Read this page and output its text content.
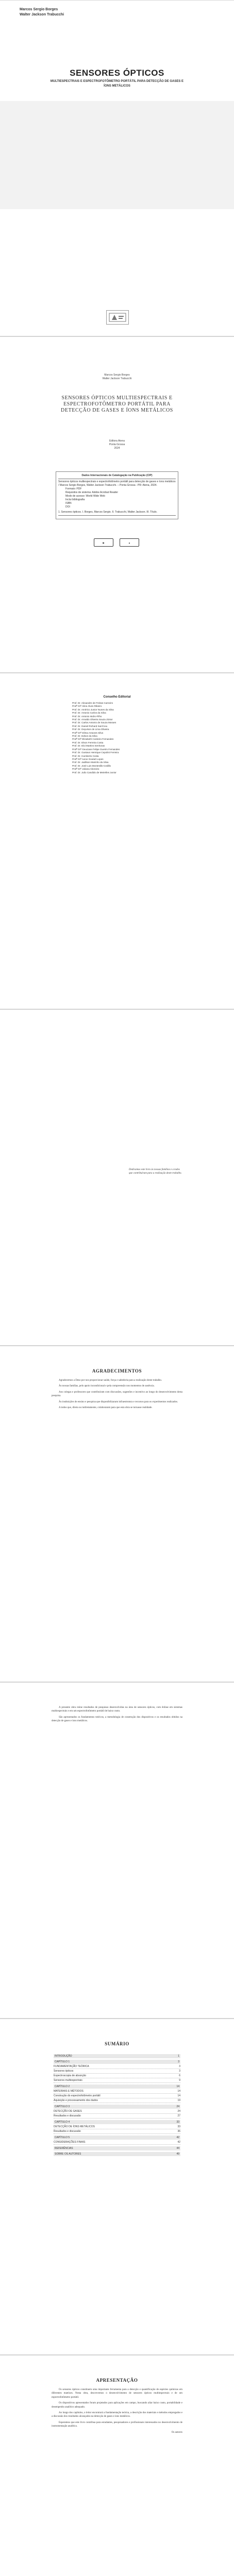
Marcos Sergio Borges
Walter Jackson Trabucchi
SENSORES ÓPTICOS
MULTIESPECTRAIS E ESPECTROFOTÔMETRO PORTÁTIL PARA DETECÇÃO DE GASES E ÍONS METÁLICOS
Marcos Sergio Borges
Walter Jackson Trabucchi
SENSORES ÓPTICOS MULTIESPECTRAIS E ESPECTROFOTÔMETRO PORTÁTIL PARA DETECÇÃO DE GASES E ÍONS METÁLICOS
Editora Atena
Ponta Grossa
2024
Dados Internacionais de Catalogação na Publicação (CIP)
Sensores ópticos multiespectrais e espectrofotômetro portátil para detecção de gases e íons metálicos / Marcos Sergio Borges, Walter Jackson Trabucchi. – Ponta Grossa - PR: Atena, 2024.
Formato: PDF
Requisitos de sistema: Adobe Acrobat Reader
Modo de acesso: World Wide Web
Inclui bibliografia
ISBN
DOI
1. Sensores ópticos. I. Borges, Marcos Sergio. II. Trabucchi, Walter Jackson. III. Título.
▶	▲
Conselho Editorial
Prof. Dr. Alexandre de Freitas Carneiro
Profª Drª Aline Alves Ribeiro
Prof. Dr. Américo Junior Nunes da Silva
Prof. Dr. Antonio Carlos da Silva
Prof. Dr. Antonio Isidro-Filho
Prof. Dr. Arnaldo Oliveira Souza Júnior
Prof. Dr. Carlos Antonio de Souza Moraes
Prof. Dr. Daniel Richard Sant'Ana
Prof. Dr. Deyvison de Lima Oliveira
Profª Drª Dilma Antunes Silva
Prof. Dr. Edson da Silva
Profª Drª Elizabeth Cordeiro Fernandes
Prof. Dr. Elson Ferreira Costa
Prof. Dr. Eloi Martins Senhoras
Profª Drª Geuciane Felipe Guerim Fernandes
Prof. Dr. Gustavo Henrique Cepolini Ferreira
Prof. Dr. Humberto Costa
Profª Drª Ivone Goulart Lopes
Prof. Dr. Jadilson Marinho da Silva
Prof. Dr. José Luis Montesillo-Cedillo
Profª Drª Juliana Abonizio
Prof. Dr. Julio Candido de Meirelles Junior
Dedicamos este livro às nossas famílias e a todos que contribuíram para a realização deste trabalho.
AGRADECIMENTOS

Agradecemos a Deus por nos proporcionar saúde, força e sabedoria para a realização deste trabalho.

Às nossas famílias, pelo apoio incondicional e pela compreensão nos momentos de ausência.

Aos colegas e professores que contribuíram com discussões, sugestões e incentivo ao longo do desenvolvimento desta pesquisa.

Às instituições de ensino e pesquisa que disponibilizaram infraestrutura e recursos para os experimentos realizados.

A todos que, direta ou indiretamente, colaboraram para que esta obra se tornasse realidade.

A presente obra reúne resultados de pesquisas desenvolvidas na área de sensores ópticos, com ênfase em sistemas multiespectrais e em um espectrofotômetro portátil de baixo custo.

São apresentados os fundamentos teóricos, a metodologia de construção dos dispositivos e os resultados obtidos na detecção de gases e íons metálicos.

SUMÁRIO
INTRODUÇÃO	1
CAPÍTULO 1	3
FUNDAMENTAÇÃO TEÓRICA	3
Sensores ópticos	3
Espectroscopia de absorção	6
Sensores multiespectrais	9
CAPÍTULO 2	14
MATERIAIS E MÉTODOS	14
Construção do espectrofotômetro portátil	14
Aquisição e processamento dos dados	19
CAPÍTULO 3	24
DETECÇÃO DE GASES	24
Resultados e discussão	27
CAPÍTULO 4	33
DETECÇÃO DE ÍONS METÁLICOS	33
Resultados e discussão	36
CAPÍTULO 5	42
CONSIDERAÇÕES FINAIS	42
REFERÊNCIAS	44
SOBRE OS AUTORES	49
APRESENTAÇÃO

Os sensores ópticos constituem uma importante ferramenta para a detecção e quantificação de espécies químicas em diferentes matrizes. Nesta obra, descrevemos o desenvolvimento de sensores ópticos multiespectrais e de um espectrofotômetro portátil.

Os dispositivos apresentados foram projetados para aplicações em campo, buscando aliar baixo custo, portabilidade e desempenho analítico adequado.

Ao longo dos capítulos, o leitor encontrará a fundamentação teórica, a descrição dos materiais e métodos empregados e a discussão dos resultados alcançados na detecção de gases e íons metálicos.

Esperamos que este livro contribua para estudantes, pesquisadores e profissionais interessados no desenvolvimento de instrumentação analítica.

Os autores
